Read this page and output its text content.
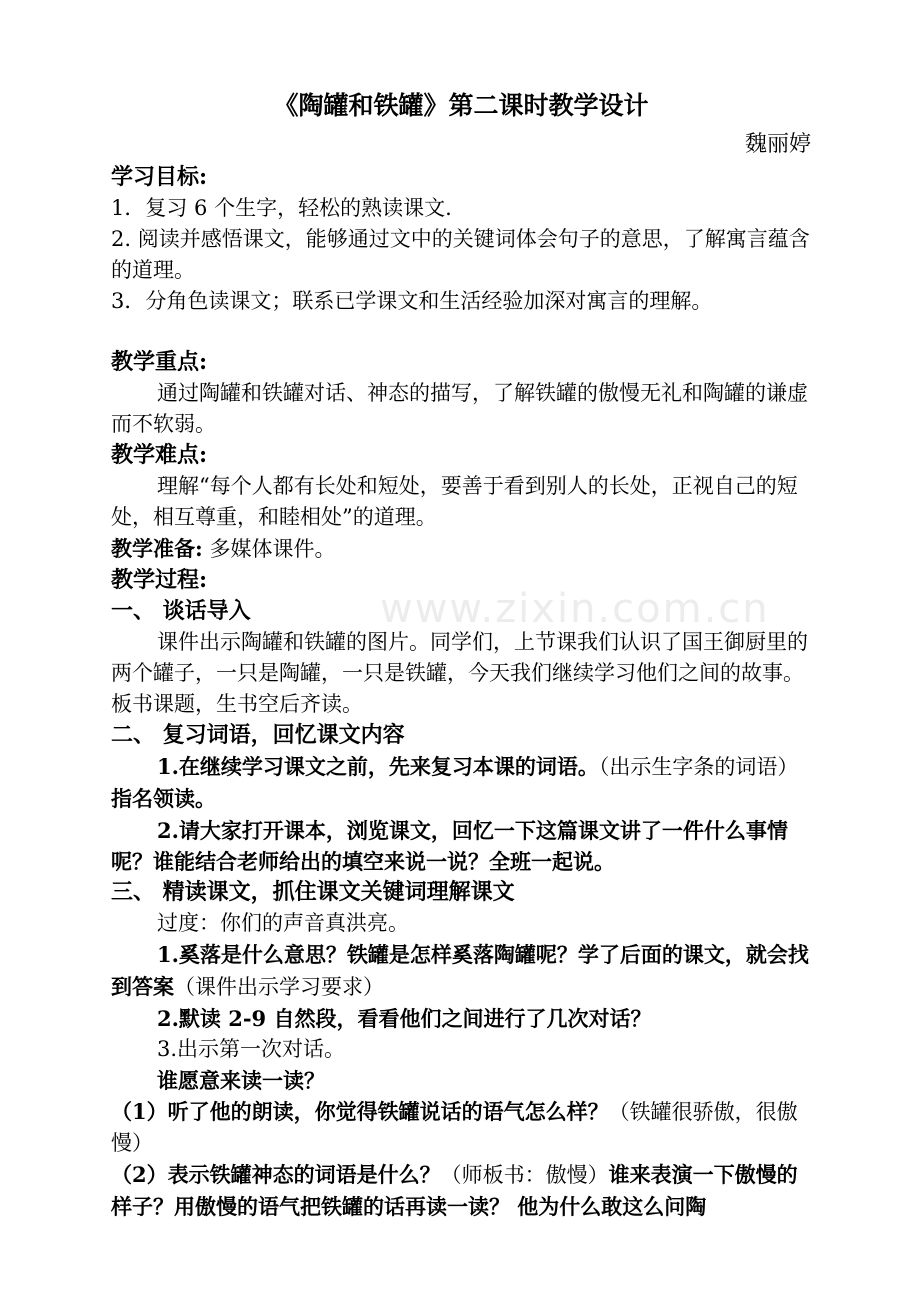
www.zixin.com.cn
《陶罐和铁罐》第二课时教学设计
魏丽婷
学习目标:

1．复习 6 个生字，轻松的熟读课文.

2. 阅读并感悟课文，能够通过文中的关键词体会句子的意思，了解寓言蕴含的道理。

3．分角色读课文；联系已学课文和生活经验加深对寓言的理解。

教学重点:

通过陶罐和铁罐对话、神态的描写，了解铁罐的傲慢无礼和陶罐的谦虚而不软弱。

教学难点:

理解“每个人都有长处和短处，要善于看到别人的长处，正视自己的短处，相互尊重，和睦相处”的道理。

教学准备: 多媒体课件。

教学过程:
一、 谈话导入

课件出示陶罐和铁罐的图片。同学们，上节课我们认识了国王御厨里的两个罐子，一只是陶罐，一只是铁罐，今天我们继续学习他们之间的故事。板书课题，生书空后齐读。

二、 复习词语，回忆课文内容

1.在继续学习课文之前，先来复习本课的词语。（出示生字条的词语）指名领读。

2.请大家打开课本，浏览课文，回忆一下这篇课文讲了一件什么事情呢？谁能结合老师给出的填空来说一说？全班一起说。

三、 精读课文，抓住课文关键词理解课文

过度：你们的声音真洪亮。

1.奚落是什么意思？铁罐是怎样奚落陶罐呢？学了后面的课文，就会找到答案（课件出示学习要求）

2.默读 2-9 自然段，看看他们之间进行了几次对话？

3.出示第一次对话。

谁愿意来读一读？

（1）听了他的朗读，你觉得铁罐说话的语气怎么样？（铁罐很骄傲，很傲慢）

（2）表示铁罐神态的词语是什么？（师板书：傲慢）谁来表演一下傲慢的样子？用傲慢的语气把铁罐的话再读一读？ 他为什么敢这么问陶
